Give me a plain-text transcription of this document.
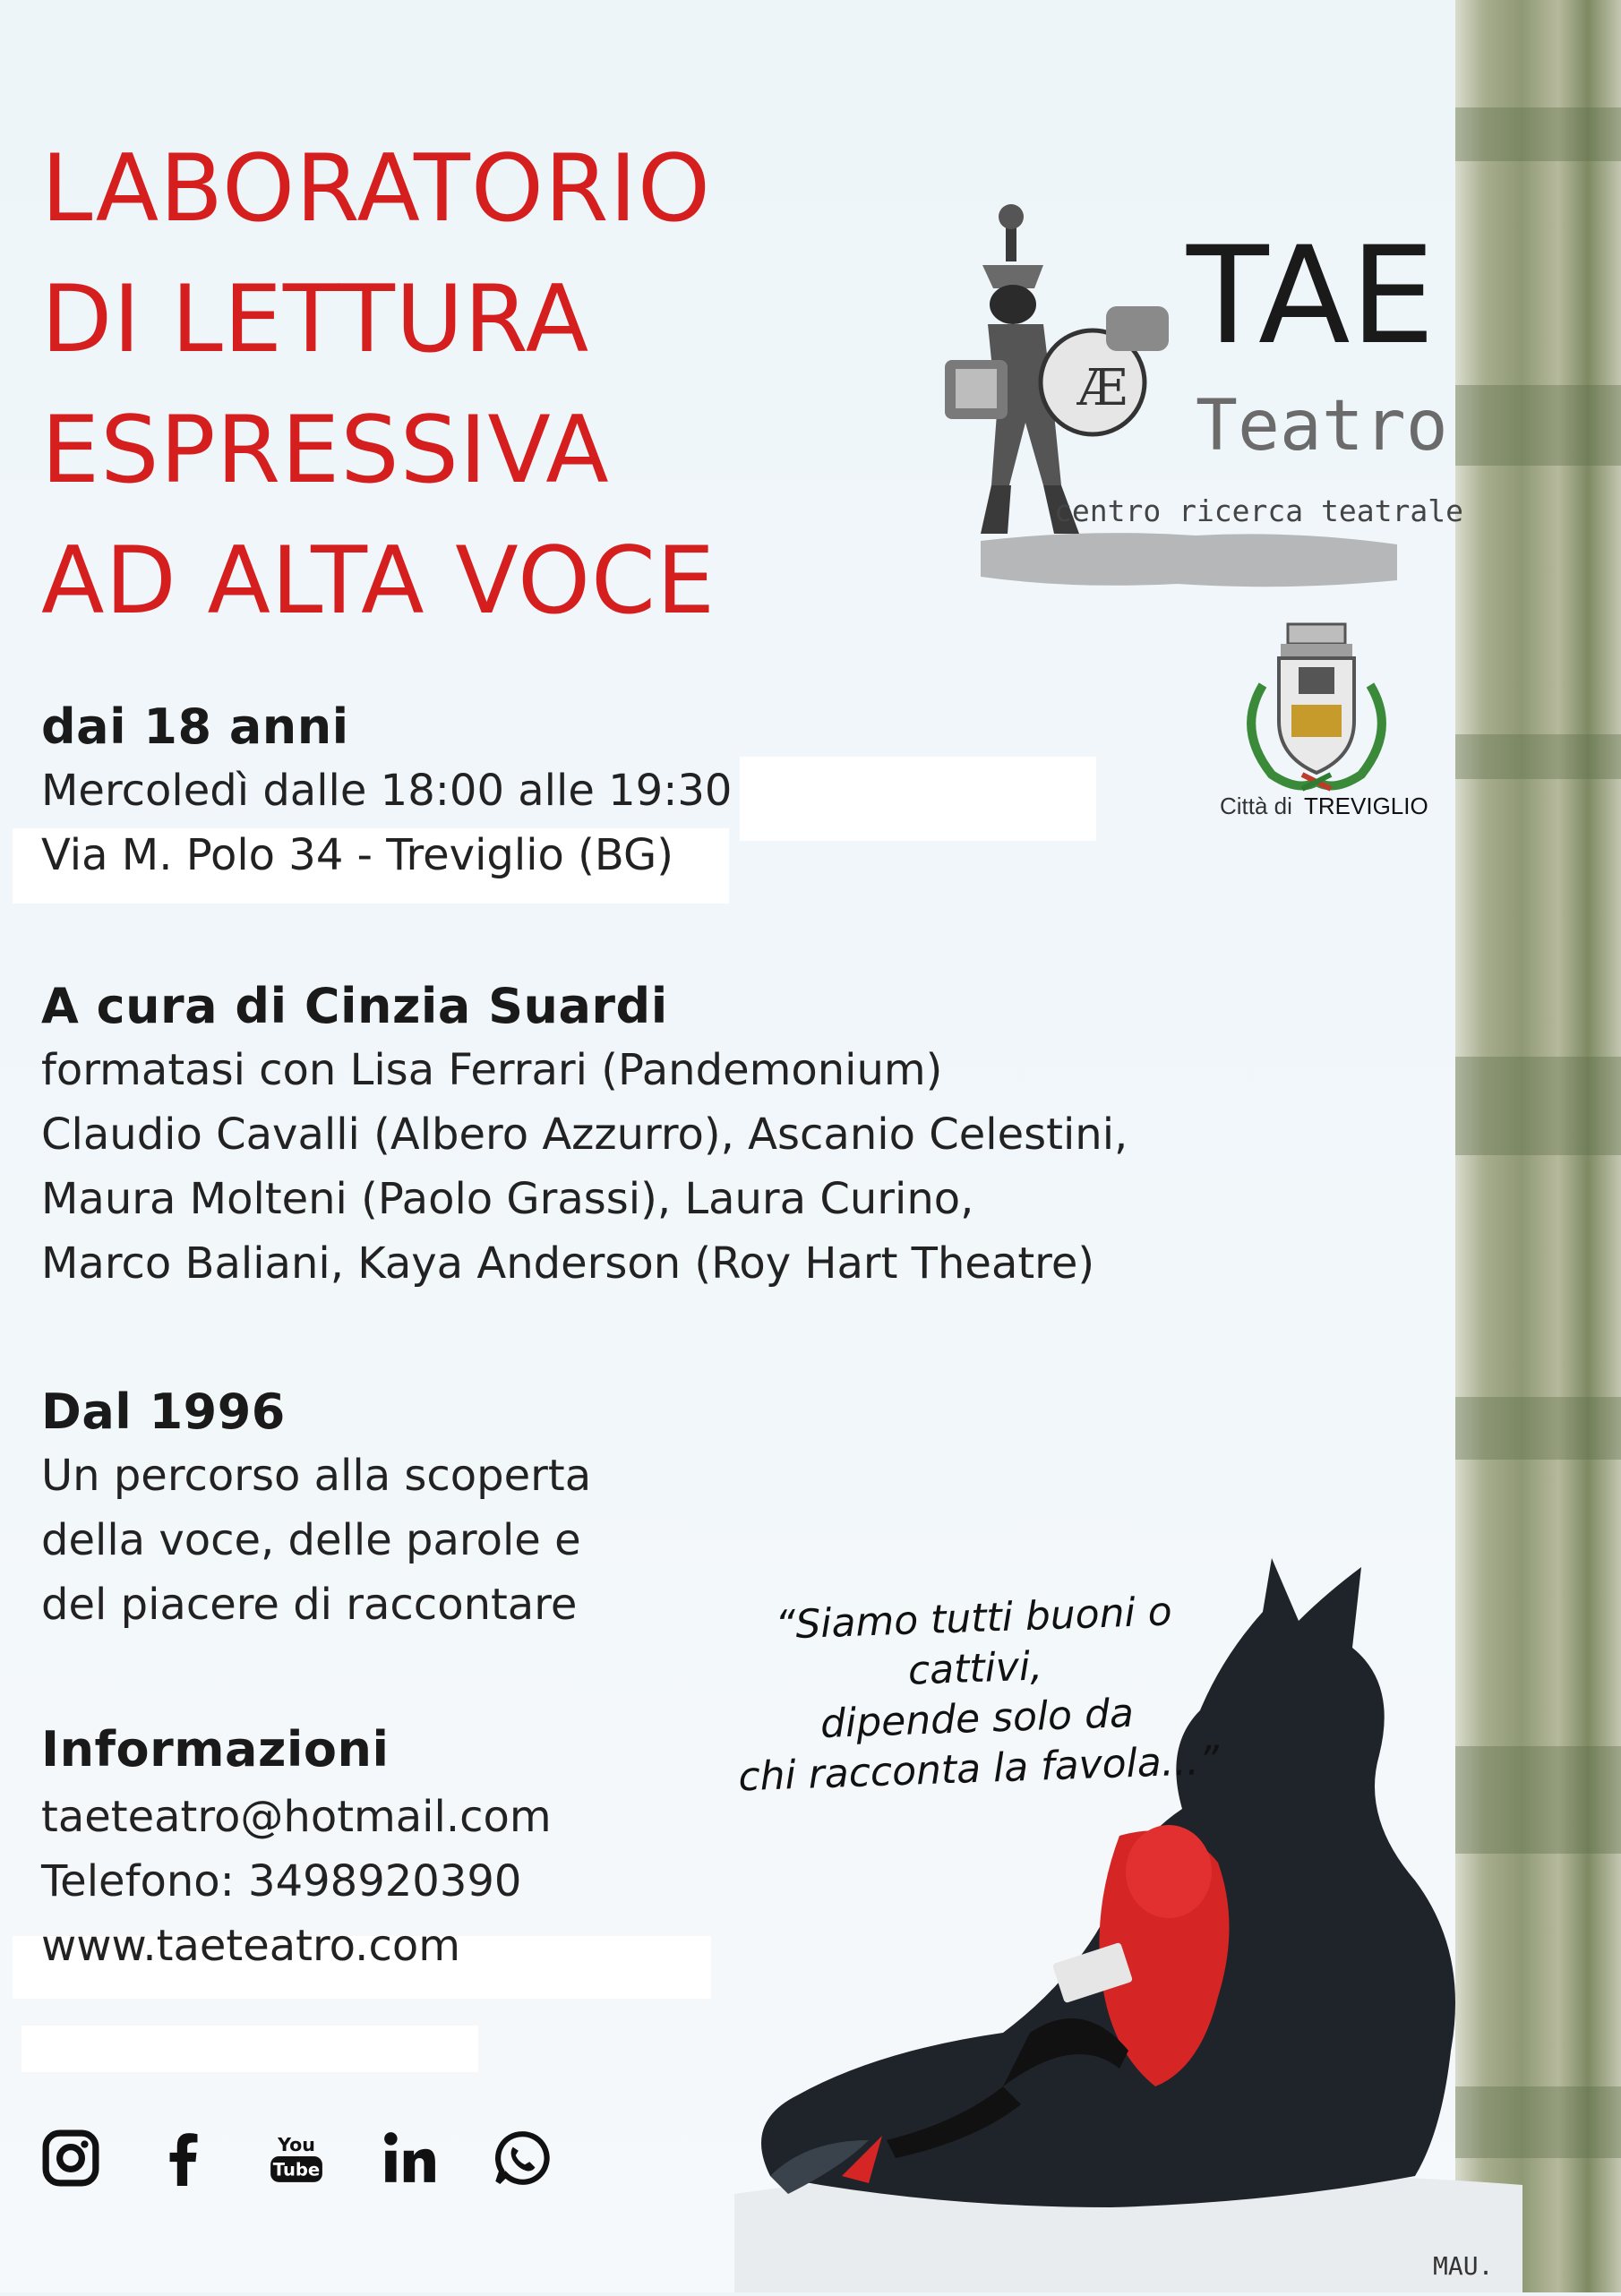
LABORATORIO
DI LETTURA
ESPRESSIVA
AD ALTA VOCE
Æ
TAE
Teatro
centro ricerca teatrale
Città di TREVIGLIO
dai 18 anni
Mercoledì dalle 18:00 alle 19:30
Via M. Polo 34 - Treviglio (BG)
A cura di Cinzia Suardi
formatasi con Lisa Ferrari (Pandemonium)
Claudio Cavalli (Albero Azzurro), Ascanio Celestini,
Maura Molteni (Paolo Grassi), Laura Curino,
Marco Baliani, Kaya Anderson (Roy Hart Theatre)
Dal 1996
Un percorso alla scoperta
della voce, delle parole e
del piacere di raccontare
Informazioni
taeteatro@hotmail.com
Telefono: 3498920390
www.taeteatro.com
MAU.
“Siamo tutti buoni o cattivi,
dipende solo da
chi racconta la favola...”
You
Tube
